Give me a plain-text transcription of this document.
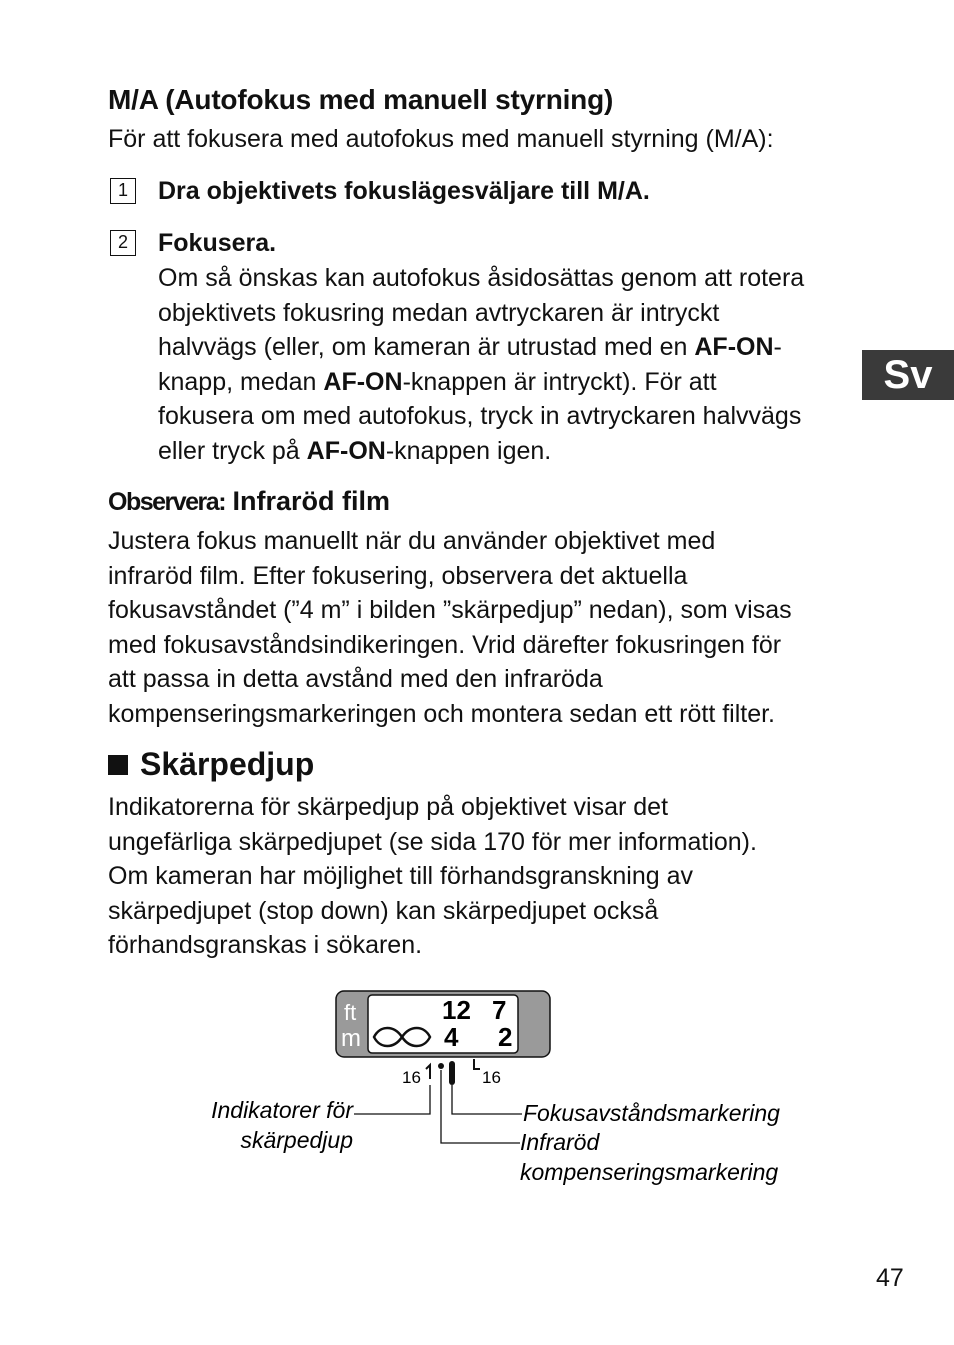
M/A (Autofokus med manuell styrning)
För att fokusera med autofokus med manuell styrning (M/A):
1	Dra objektivets fokuslägesväljare till M/A.
2	Fokusera.
Om så önskas kan autofokus åsidosättas genom att rotera
objektivets fokusring medan avtryckaren är intryckt
halvvägs (eller, om kameran är utrustad med en AF-ON-
knapp, medan AF-ON-knappen är intryckt). För att
fokusera om med autofokus, tryck in avtryckaren halvvägs
eller tryck på AF-ON-knappen igen.
Observera: Infraröd film
Justera fokus manuellt när du använder objektivet med
infraröd film. Efter fokusering, observera det aktuella
fokusavståndet (”4 m” i bilden ”skärpedjup” nedan), som visas
med fokusavståndsindikeringen. Vrid därefter fokusringen för
att passa in detta avstånd med den infraröda
kompenseringsmarkeringen och montera sedan ett rött filter.
Skärpedjup
Indikatorerna för skärpedjup på objektivet visar det
ungefärliga skärpedjupet (se sida 170 för mer information).
Om kameran har möjlighet till förhandsgranskning av
skärpedjupet (stop down) kan skärpedjupet också
förhandsgranskas i sökaren.
ft
m
12 7
4 2
16	16
Indikatorer för
skärpedjup
Fokusavståndsmarkering
Infraröd
kompenseringsmarkering
Sv
47
